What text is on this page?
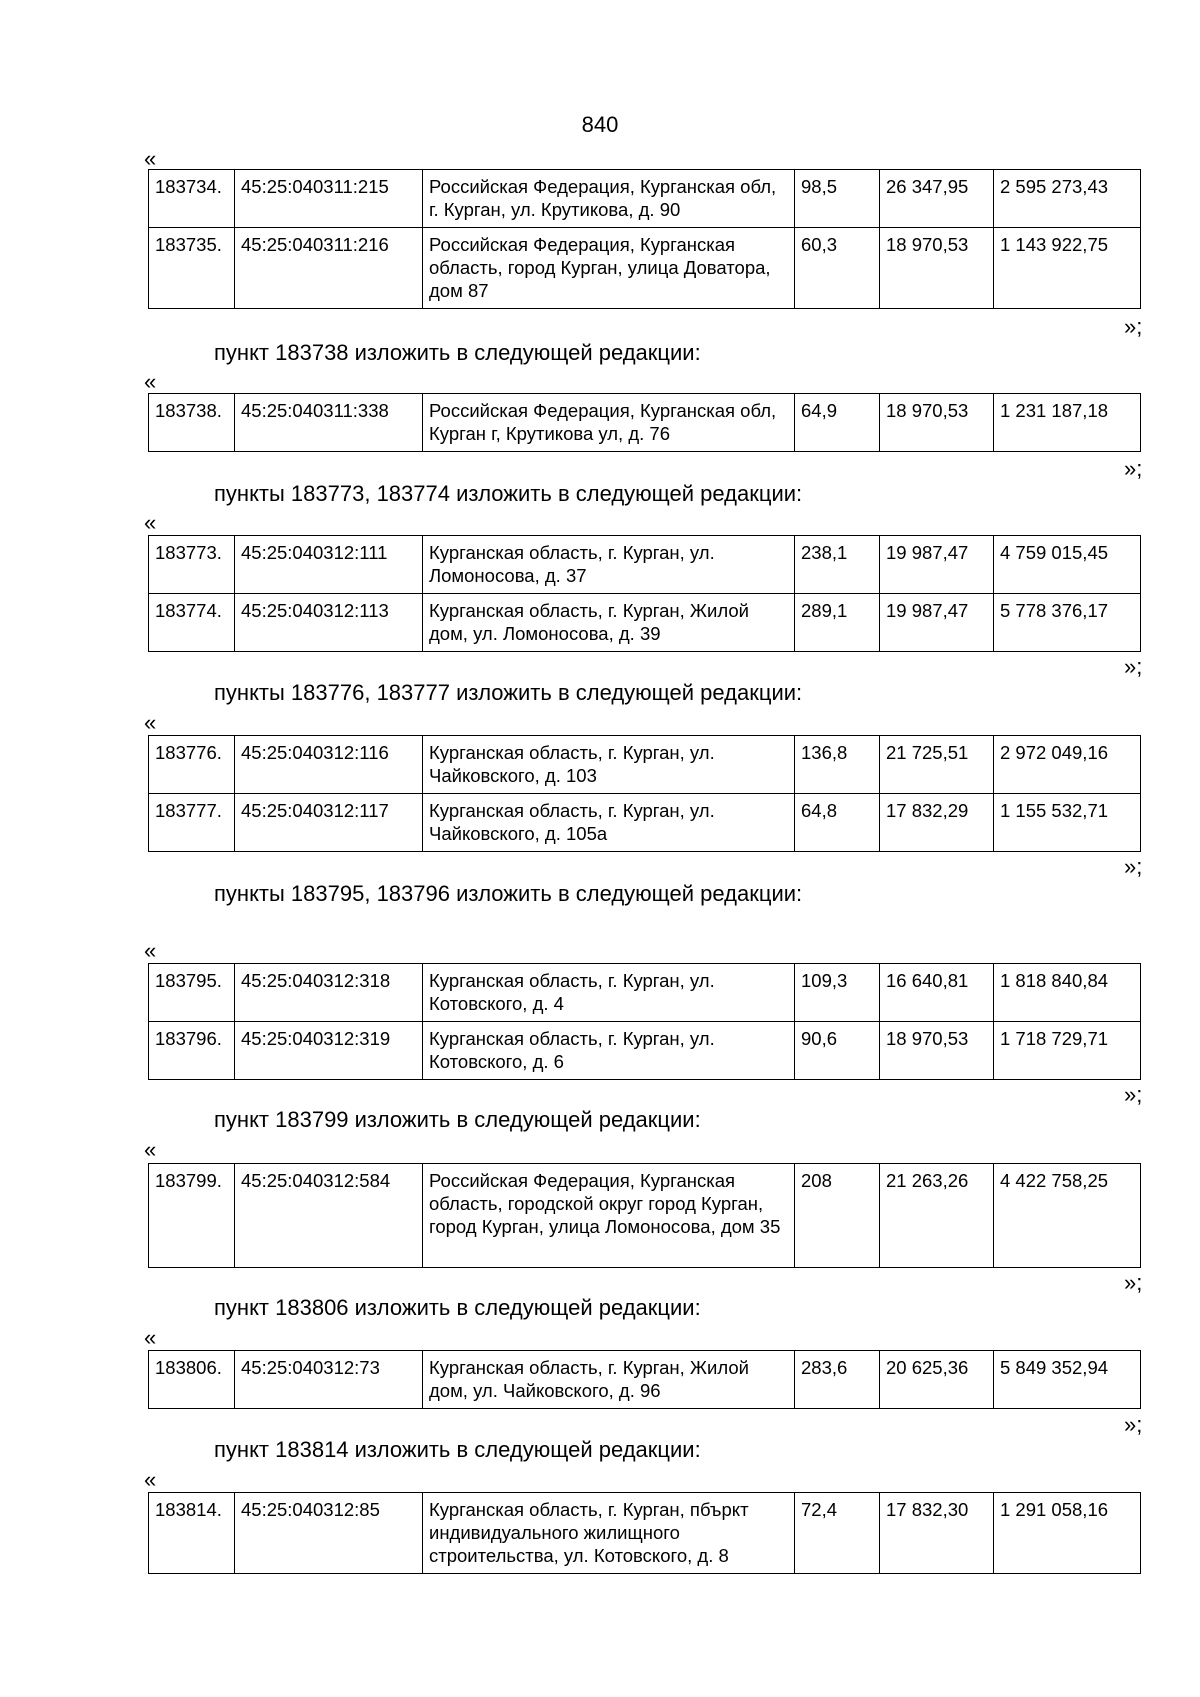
840
«
183734.	45:25:040311:215	Российская Федерация, Курганская обл, г. Курган, ул. Крутикова, д. 90	98,5	26 347,95	2 595 273,43
183735.	45:25:040311:216	Российская Федерация, Курганская область, город Курган, улица Доватора, дом 87	60,3	18 970,53	1 143 922,75
»;
пункт 183738 изложить в следующей редакции:
«
183738.	45:25:040311:338	Российская Федерация, Курганская обл, Курган г, Крутикова ул, д. 76	64,9	18 970,53	1 231 187,18
»;
пункты 183773, 183774 изложить в следующей редакции:
«
183773.	45:25:040312:111	Курганская область, г. Курган, ул. Ломоносова, д. 37	238,1	19 987,47	4 759 015,45
183774.	45:25:040312:113	Курганская область, г. Курган, Жилой дом, ул. Ломоносова, д. 39	289,1	19 987,47	5 778 376,17
»;
пункты 183776, 183777 изложить в следующей редакции:
«
183776.	45:25:040312:116	Курганская область, г. Курган, ул. Чайковского, д. 103	136,8	21 725,51	2 972 049,16
183777.	45:25:040312:117	Курганская область, г. Курган, ул. Чайковского, д. 105а	64,8	17 832,29	1 155 532,71
»;
пункты 183795, 183796 изложить в следующей редакции:
«
183795.	45:25:040312:318	Курганская область, г. Курган, ул. Котовского, д. 4	109,3	16 640,81	1 818 840,84
183796.	45:25:040312:319	Курганская область, г. Курган, ул. Котовского, д. 6	90,6	18 970,53	1 718 729,71
»;
пункт 183799 изложить в следующей редакции:
«
183799.	45:25:040312:584	Российская Федерация, Курганская область, городской округ город Курган, город Курган, улица Ломоносова, дом 35	208	21 263,26	4 422 758,25
»;
пункт 183806 изложить в следующей редакции:
«
183806.	45:25:040312:73	Курганская область, г. Курган, Жилой дом, ул. Чайковского, д. 96	283,6	20 625,36	5 849 352,94
»;
пункт 183814 изложить в следующей редакции:
«
183814.	45:25:040312:85	Курганская область, г. Курган, пбъркт индивидуального жилищного строительства, ул. Котовского, д. 8	72,4	17 832,30	1 291 058,16
